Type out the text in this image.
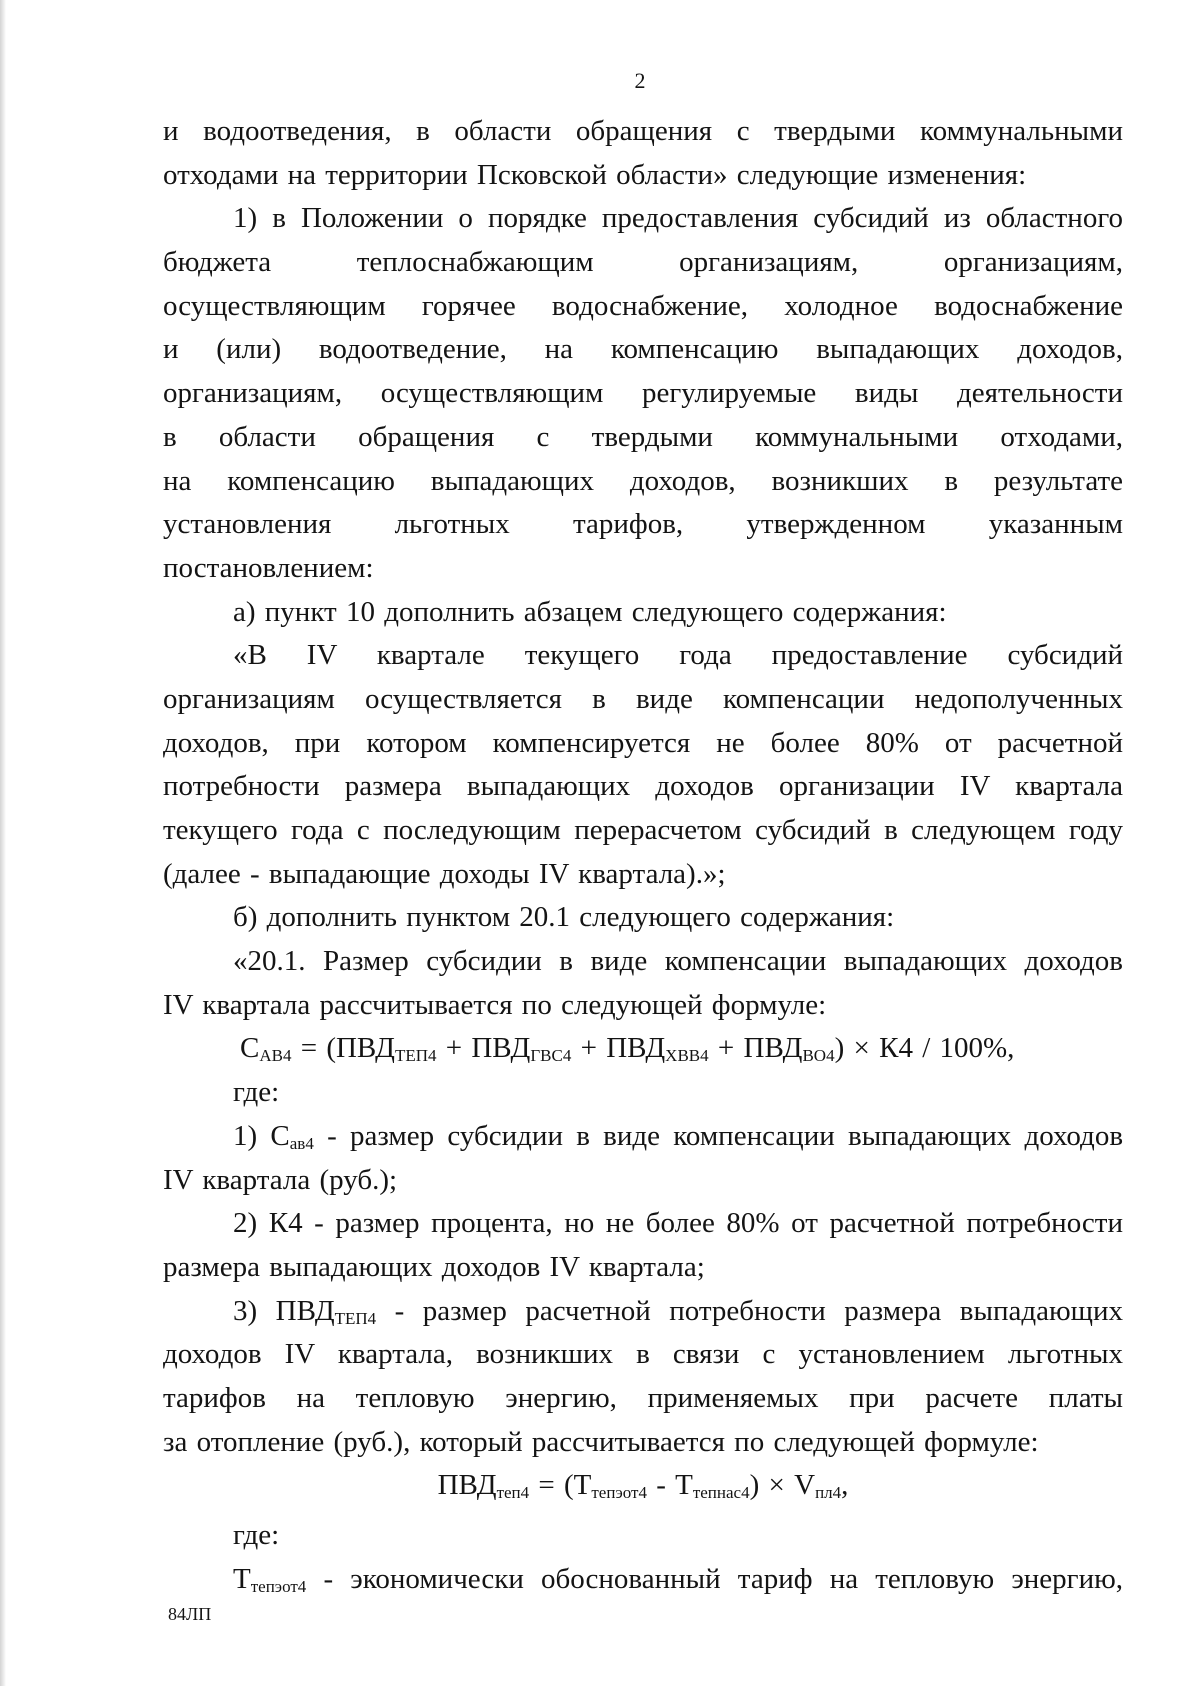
2
и водоотведения, в области обращения с твердыми коммунальными
отходами на территории Псковской области» следующие изменения:
1) в Положении о порядке предоставления субсидий из областного
бюджета теплоснабжающим организациям, организациям,
осуществляющим горячее водоснабжение, холодное водоснабжение
и (или) водоотведение, на компенсацию выпадающих доходов,
организациям, осуществляющим регулируемые виды деятельности
в области обращения с твердыми коммунальными отходами,
на компенсацию выпадающих доходов, возникших в результате
установления льготных тарифов, утвержденном указанным
постановлением:
а) пункт 10 дополнить абзацем следующего содержания:
«В IV квартале текущего года предоставление субсидий
организациям осуществляется в виде компенсации недополученных
доходов, при котором компенсируется не более 80% от расчетной
потребности размера выпадающих доходов организации IV квартала
текущего года с последующим перерасчетом субсидий в следующем году
(далее - выпадающие доходы IV квартала).»;
б) дополнить пунктом 20.1 следующего содержания:
«20.1. Размер субсидии в виде компенсации выпадающих доходов
IV квартала рассчитывается по следующей формуле:
$С_{АВ4} = (ПВД_{ТЕП4} + ПВД_{ГВС4} + ПВД_{ХВВ4} + ПВД_{ВО4}) \times К4 / 100\%$,
где:
1) $С_{ав4}$ - размер субсидии в виде компенсации выпадающих доходов
IV квартала (руб.);
2) К4 - размер процента, но не более 80% от расчетной потребности
размера выпадающих доходов IV квартала;
3) $ПВД_{ТЕП4}$ - размер расчетной потребности размера выпадающих
доходов IV квартала, возникших в связи с установлением льготных
тарифов на тепловую энергию, применяемых при расчете платы
за отопление (руб.), который рассчитывается по следующей формуле:
$ПВД_{теп4} = (Т_{тепэот4} - Т_{тепнас4}) \times V_{пл4}$,
где:
$Т_{тепэот4}$ - экономически обоснованный тариф на тепловую энергию,
84ЛП
